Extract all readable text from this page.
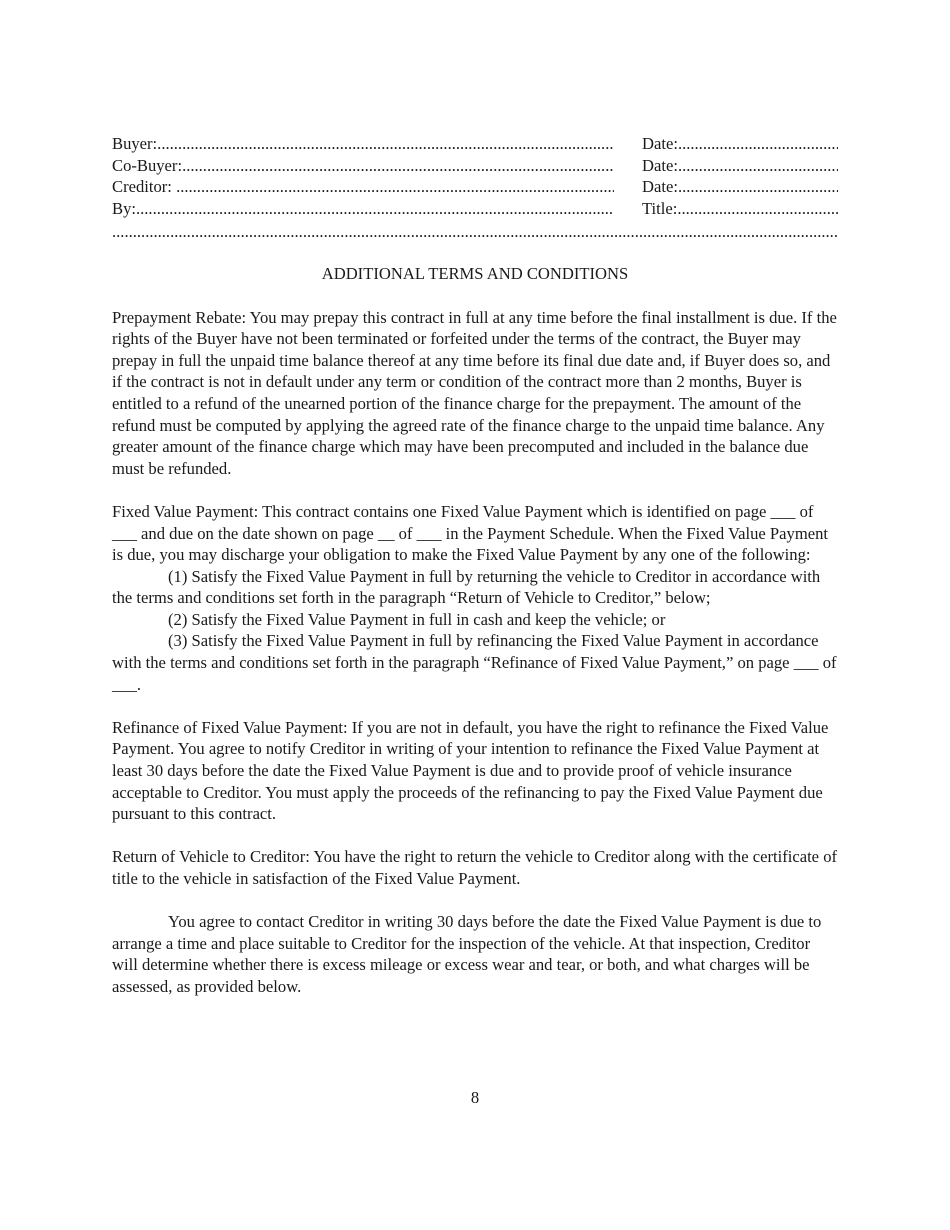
Buyer: .....	Date:
.....
Co-Buyer: .....	Date:
.....
Creditor: .....	Date:
.....
By: .....	Title:
.....
.....
ADDITIONAL TERMS AND CONDITIONS

Prepayment Rebate: You may prepay this contract in full at any time before the final installment is due. If the rights of the Buyer have not been terminated or forfeited under the terms of the contract, the Buyer may prepay in full the unpaid time balance thereof at any time before its final due date and, if Buyer does so, and if the contract is not in default under any term or condition of the contract more than 2 months, Buyer is entitled to a refund of the unearned portion of the finance charge for the prepayment. The amount of the refund must be computed by applying the agreed rate of the finance charge to the unpaid time balance. Any greater amount of the finance charge which may have been precomputed and included in the balance due must be refunded.

Fixed Value Payment: This contract contains one Fixed Value Payment which is identified on page ___ of ___ and due on the date shown on page __ of ___ in the Payment Schedule. When the Fixed Value Payment is due, you may discharge your obligation to make the Fixed Value Payment by any one of the following:

(1) Satisfy the Fixed Value Payment in full by returning the vehicle to Creditor in accordance with the terms and conditions set forth in the paragraph “Return of Vehicle to Creditor,” below;

(2) Satisfy the Fixed Value Payment in full in cash and keep the vehicle; or

(3) Satisfy the Fixed Value Payment in full by refinancing the Fixed Value Payment in accordance with the terms and conditions set forth in the paragraph “Refinance of Fixed Value Payment,” on page ___ of ___.

Refinance of Fixed Value Payment: If you are not in default, you have the right to refinance the Fixed Value Payment. You agree to notify Creditor in writing of your intention to refinance the Fixed Value Payment at least 30 days before the date the Fixed Value Payment is due and to provide proof of vehicle insurance acceptable to Creditor. You must apply the proceeds of the refinancing to pay the Fixed Value Payment due pursuant to this contract.

Return of Vehicle to Creditor: You have the right to return the vehicle to Creditor along with the certificate of title to the vehicle in satisfaction of the Fixed Value Payment.

You agree to contact Creditor in writing 30 days before the date the Fixed Value Payment is due to arrange a time and place suitable to Creditor for the inspection of the vehicle. At that inspection, Creditor will determine whether there is excess mileage or excess wear and tear, or both, and what charges will be assessed, as provided below.

8
